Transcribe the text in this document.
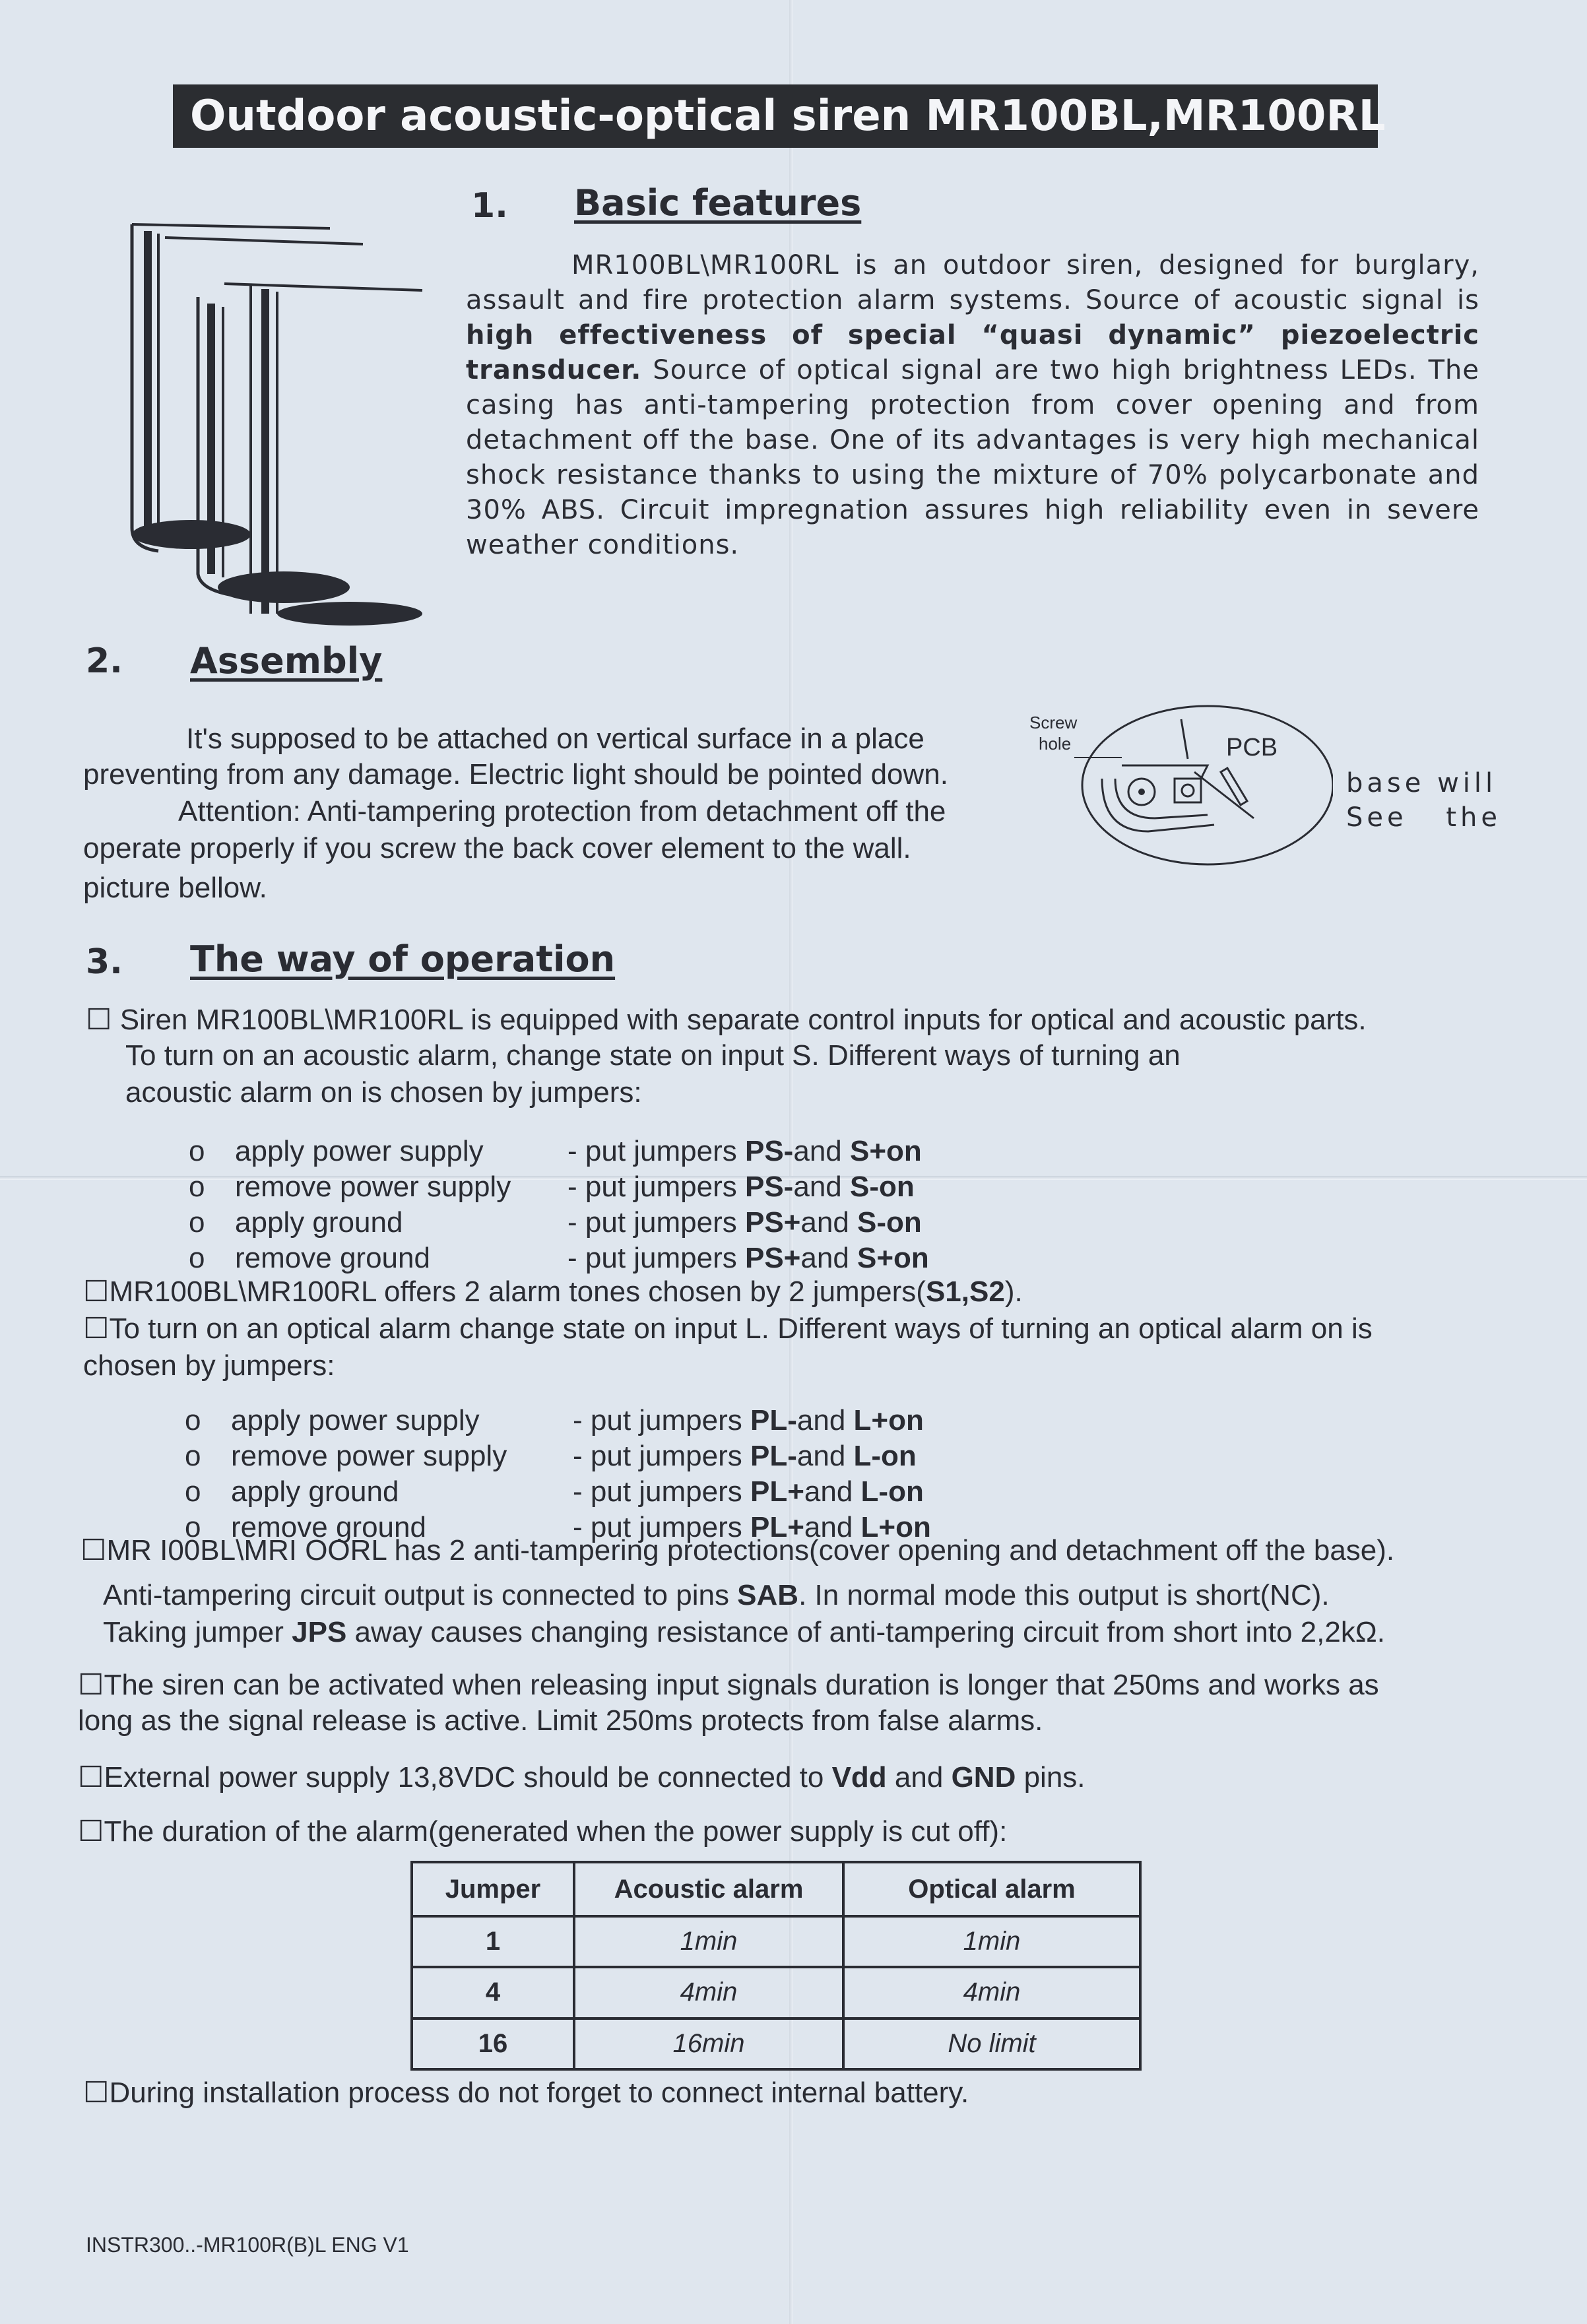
Outdoor acoustic-optical siren MR100BL,MR100RL
1. Basic features
MR100BL\MR100RL is an outdoor siren, designed for burglary, assault and fire protection alarm systems. Source of acoustic signal is high effectiveness of special “quasi dynamic” piezoelectric transducer. Source of optical signal are two high brightness LEDs. The casing has anti-tampering protection from cover opening and from detachment off the base. One of its advantages is very high mechanical shock resistance thanks to using the mixture of 70% polycarbonate and 30% ABS. Circuit impregnation assures high reliability even in severe weather conditions.
2. Assembly
It's supposed to be attached on vertical surface in a place
preventing from any damage. Electric light should be pointed down.
Attention: Anti-tampering protection from detachment off the
base will
operate properly if you screw the back cover element to the wall.
See the
picture bellow.
Screw
hole	PCB
3. The way of operation
☐ Siren MR100BL\MR100RL is equipped with separate control inputs for optical and acoustic parts.
To turn on an acoustic alarm, change state on input S. Different ways of turning an
acoustic alarm on is chosen by jumpers:
o apply power supply	- put jumpers PS-and S+on
o remove power supply - put jumpers PS-and S-on
o apply ground	- put jumpers PS+and S-on
o remove ground	- put jumpers PS+and S+on
☐MR100BL\MR100RL offers 2 alarm tones chosen by 2 jumpers(S1,S2).
☐To turn on an optical alarm change state on input L. Different ways of turning an optical alarm on is
chosen by jumpers:
o apply power supply	- put jumpers PL-and L+on
o remove power supply - put jumpers PL-and L-on
o apply ground	- put jumpers PL+and L-on
o remove ground	- put jumpers PL+and L+on
☐MR I00BL\MRI OORL has 2 anti-tampering protections(cover opening and detachment off the base).
Anti-tampering circuit output is connected to pins SAB. In normal mode this output is short(NC).
Taking jumper JPS away causes changing resistance of anti-tampering circuit from short into 2,2kΩ.
☐The siren can be activated when releasing input signals duration is longer that 250ms and works as
long as the signal release is active. Limit 250ms protects from false alarms.
☐External power supply 13,8VDC should be connected to Vdd and GND pins.
☐The duration of the alarm(generated when the power supply is cut off):
Jumper	Acoustic alarm	Optical alarm
1	1min	1min
4	4min	4min
16	16min	No limit
☐During installation process do not forget to connect internal battery.
INSTR300..-MR100R(B)L ENG V1
